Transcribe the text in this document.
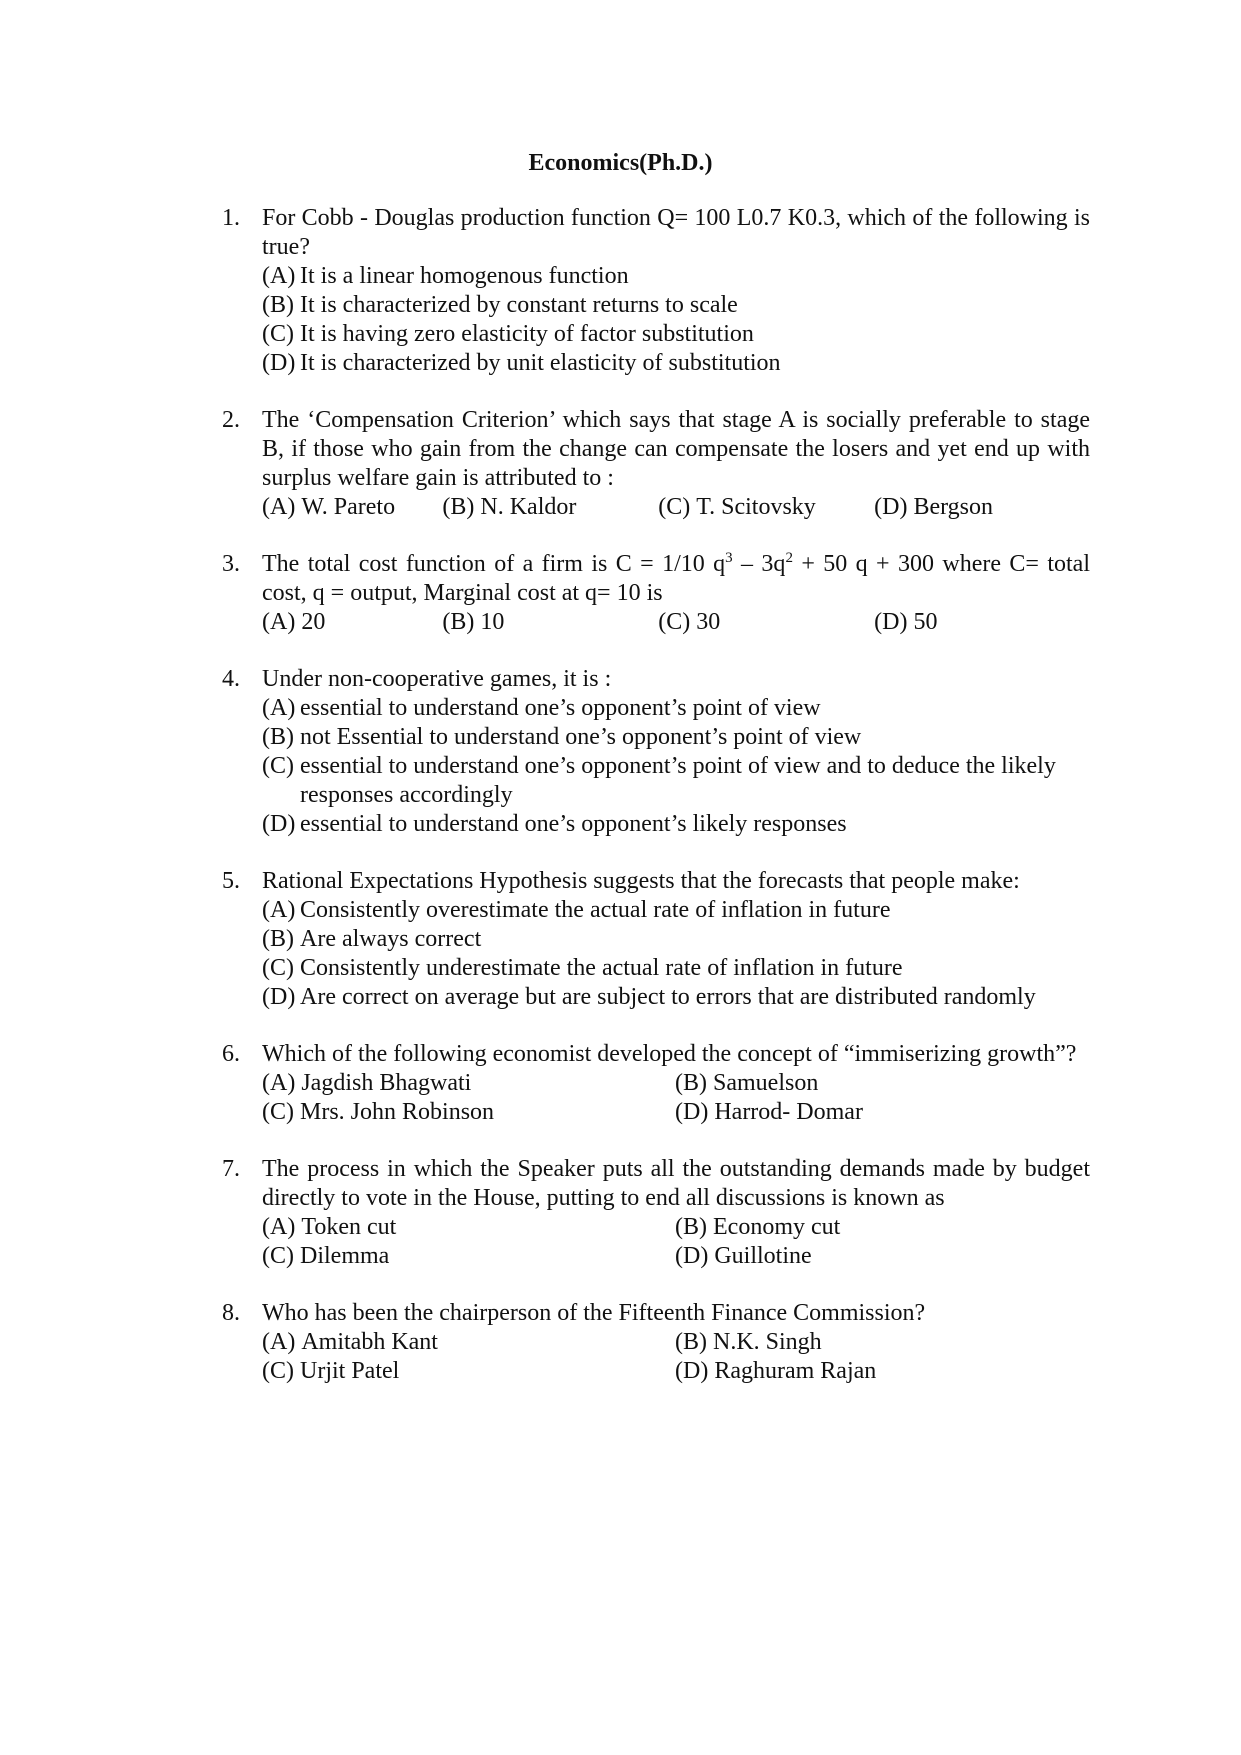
Economics(Ph.D.)
1. For Cobb - Douglas production function Q= 100 L0.7 K0.3, which of the following is true?
(A) It is a linear homogenous function
(B) It is characterized by constant returns to scale
(C) It is having zero elasticity of factor substitution
(D) It is characterized by unit elasticity of substitution
2. The ‘Compensation Criterion’ which says that stage A is socially preferable to stage B, if those who gain from the change can compensate the losers and yet end up with surplus welfare gain is attributed to :
(A) W. Pareto (B) N. Kaldor	(C) T. Scitovsky (D) Bergson
3. The total cost function of a firm is C = 1/10 $q^3 - 3q^2 + 50$ q + 300 where C= total cost, q = output, Marginal cost at q= 10 is
(A) 20	(B) 10	(C) 30	(D) 50
4. Under non-cooperative games, it is :
(A) essential to understand one’s opponent’s point of view
(B) not Essential to understand one’s opponent’s point of view
(C) essential to understand one’s opponent’s point of view and to deduce the likely responses accordingly
(D) essential to understand one’s opponent’s likely responses
5. Rational Expectations Hypothesis suggests that the forecasts that people make:
(A) Consistently overestimate the actual rate of inflation in future
(B) Are always correct
(C) Consistently underestimate the actual rate of inflation in future
(D) Are correct on average but are subject to errors that are distributed randomly
6. Which of the following economist developed the concept of “immiserizing growth”?
(A) Jagdish Bhagwati	(B) Samuelson
(C) Mrs. John Robinson	(D) Harrod- Domar
7. The process in which the Speaker puts all the outstanding demands made by budget directly to vote in the House, putting to end all discussions is known as
(A) Token cut	(B) Economy cut
(C) Dilemma	(D) Guillotine
8. Who has been the chairperson of the Fifteenth Finance Commission?
(A) Amitabh Kant	(B) N.K. Singh
(C) Urjit Patel	(D) Raghuram Rajan
